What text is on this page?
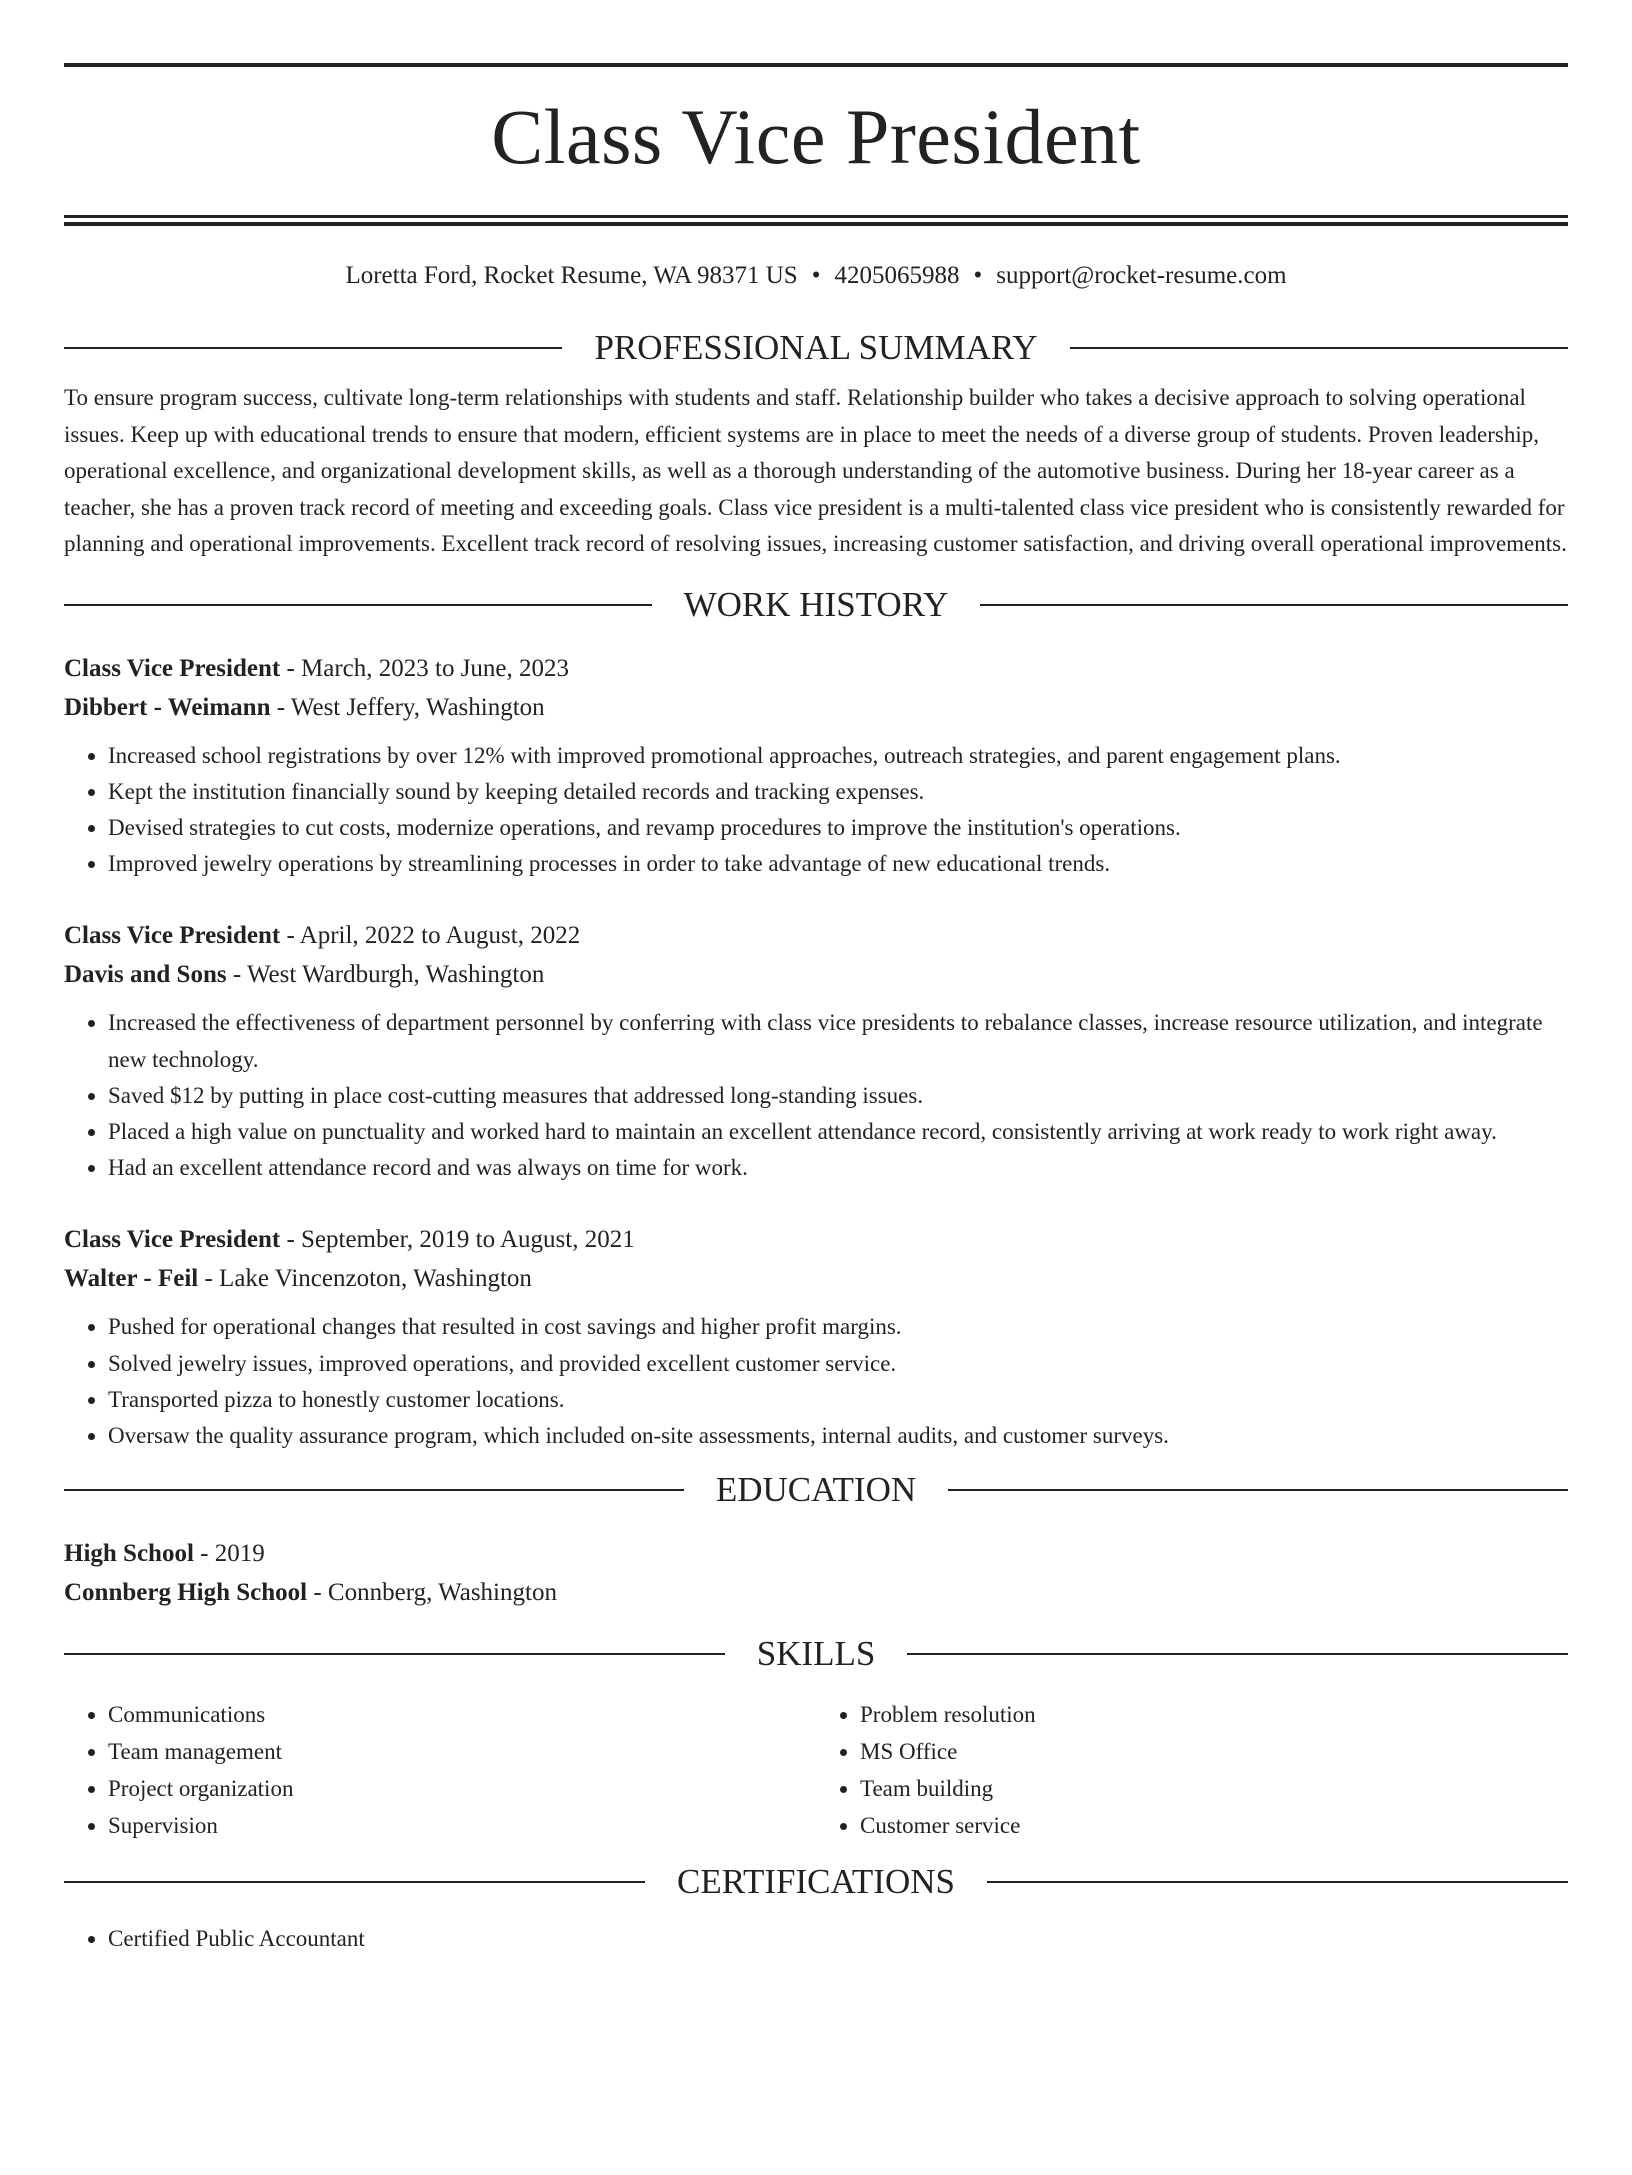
Class Vice President
Loretta Ford, Rocket Resume, WA 98371 US • 4205065988 • support@rocket-resume.com
PROFESSIONAL SUMMARY
To ensure program success, cultivate long-term relationships with students and staff. Relationship builder who takes a decisive approach to solving operational issues. Keep up with educational trends to ensure that modern, efficient systems are in place to meet the needs of a diverse group of students. Proven leadership, operational excellence, and organizational development skills, as well as a thorough understanding of the automotive business. During her 18-year career as a teacher, she has a proven track record of meeting and exceeding goals. Class vice president is a multi-talented class vice president who is consistently rewarded for planning and operational improvements. Excellent track record of resolving issues, increasing customer satisfaction, and driving overall operational improvements.
WORK HISTORY
Class Vice President - March, 2023 to June, 2023
Dibbert - Weimann - West Jeffery, Washington
• Increased school registrations by over 12% with improved promotional approaches, outreach strategies, and parent engagement plans.
• Kept the institution financially sound by keeping detailed records and tracking expenses.
• Devised strategies to cut costs, modernize operations, and revamp procedures to improve the institution's operations.
• Improved jewelry operations by streamlining processes in order to take advantage of new educational trends.
Class Vice President - April, 2022 to August, 2022
Davis and Sons - West Wardburgh, Washington
• Increased the effectiveness of department personnel by conferring with class vice presidents to rebalance classes, increase resource utilization, and integrate new technology.
• Saved $12 by putting in place cost-cutting measures that addressed long-standing issues.
• Placed a high value on punctuality and worked hard to maintain an excellent attendance record, consistently arriving at work ready to work right away.
• Had an excellent attendance record and was always on time for work.
Class Vice President - September, 2019 to August, 2021
Walter - Feil - Lake Vincenzoton, Washington
• Pushed for operational changes that resulted in cost savings and higher profit margins.
• Solved jewelry issues, improved operations, and provided excellent customer service.
• Transported pizza to honestly customer locations.
• Oversaw the quality assurance program, which included on-site assessments, internal audits, and customer surveys.
EDUCATION
High School - 2019
Connberg High School - Connberg, Washington
SKILLS
• Communications
• Team management
• Project organization
• Supervision
• Problem resolution
• MS Office
• Team building
• Customer service
CERTIFICATIONS
• Certified Public Accountant
